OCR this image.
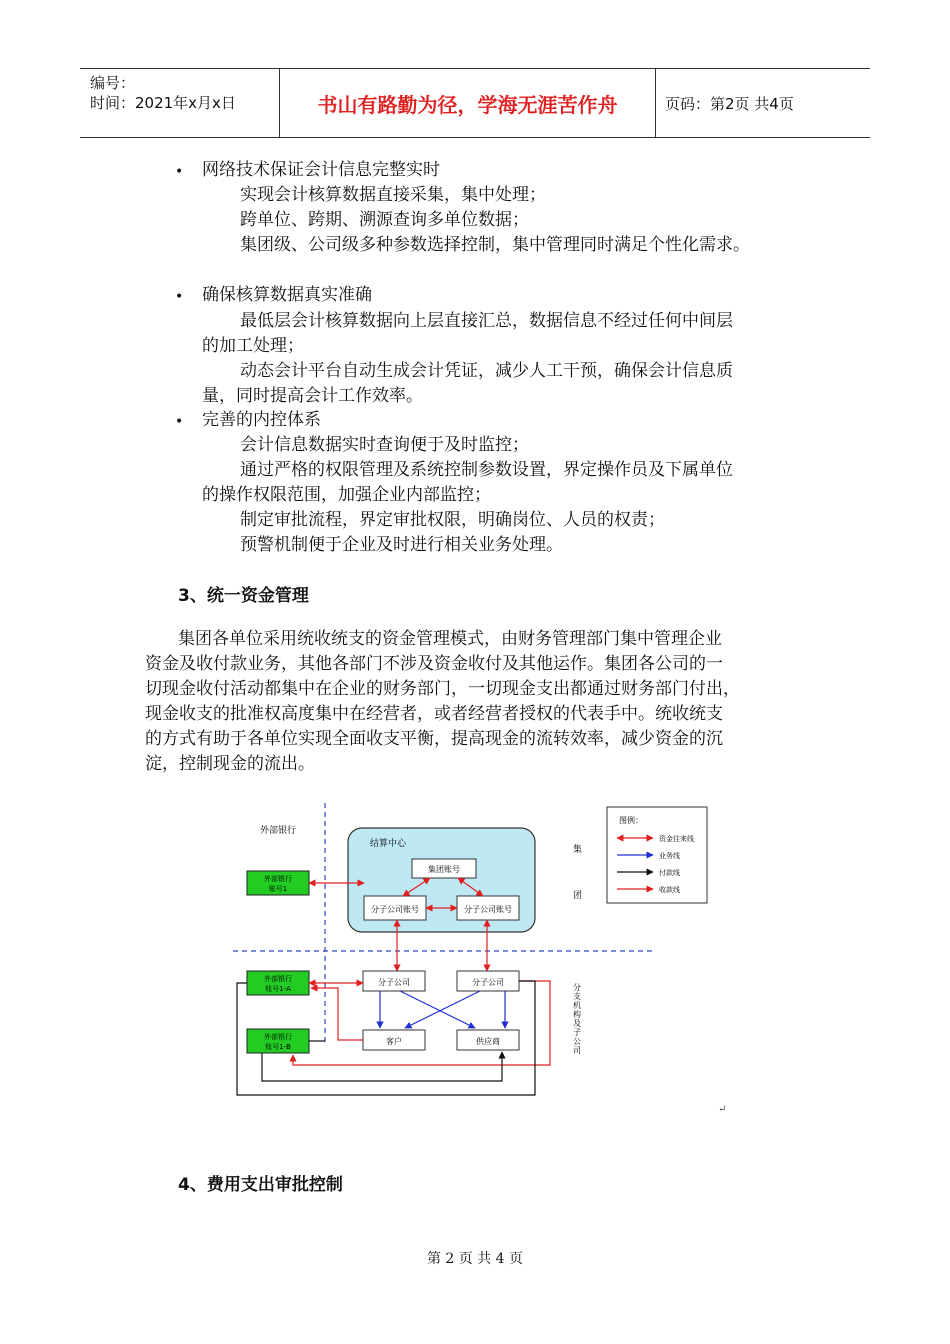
编号：
时间：2021年x月x日	书山有路勤为径，学海无涯苦作舟	页码：第2页 共4页
• 网络技术保证会计信息完整实时
实现会计核算数据直接采集，集中处理；
跨单位、跨期、溯源查询多单位数据；
集团级、公司级多种参数选择控制，集中管理同时满足个性化需求。
• 确保核算数据真实准确
最低层会计核算数据向上层直接汇总，数据信息不经过任何中间层
的加工处理；
动态会计平台自动生成会计凭证，减少人工干预，确保会计信息质
量，同时提高会计工作效率。
• 完善的内控体系
会计信息数据实时查询便于及时监控；
通过严格的权限管理及系统控制参数设置，界定操作员及下属单位
的操作权限范围，加强企业内部监控；
制定审批流程，界定审批权限，明确岗位、人员的权责；
预警机制便于企业及时进行相关业务处理。
3、统一资金管理
集团各单位采用统收统支的资金管理模式，由财务管理部门集中管理企业
资金及收付款业务，其他各部门不涉及资金收付及其他运作。集团各公司的一
切现金收付活动都集中在企业的财务部门，一切现金支出都通过财务部门付出，
现金收支的批准权高度集中在经营者，或者经营者授权的代表手中。统收统支
的方式有助于各单位实现全面收支平衡，提高现金的流转效率，减少资金的沉
淀，控制现金的流出。
外部银行
结算中心
集团账号
分子公司账号	分子公司账号
外部银行
账号1
分子公司	分子公司
客户	供应商
外部银行
账号1-A
外部银行
账号1-B
集
团
分
支
机
构
及
子
公
司
图例：
资金往来线
业务线
付款线
收款线
↵
4、费用支出审批控制
第 2 页 共 4 页
